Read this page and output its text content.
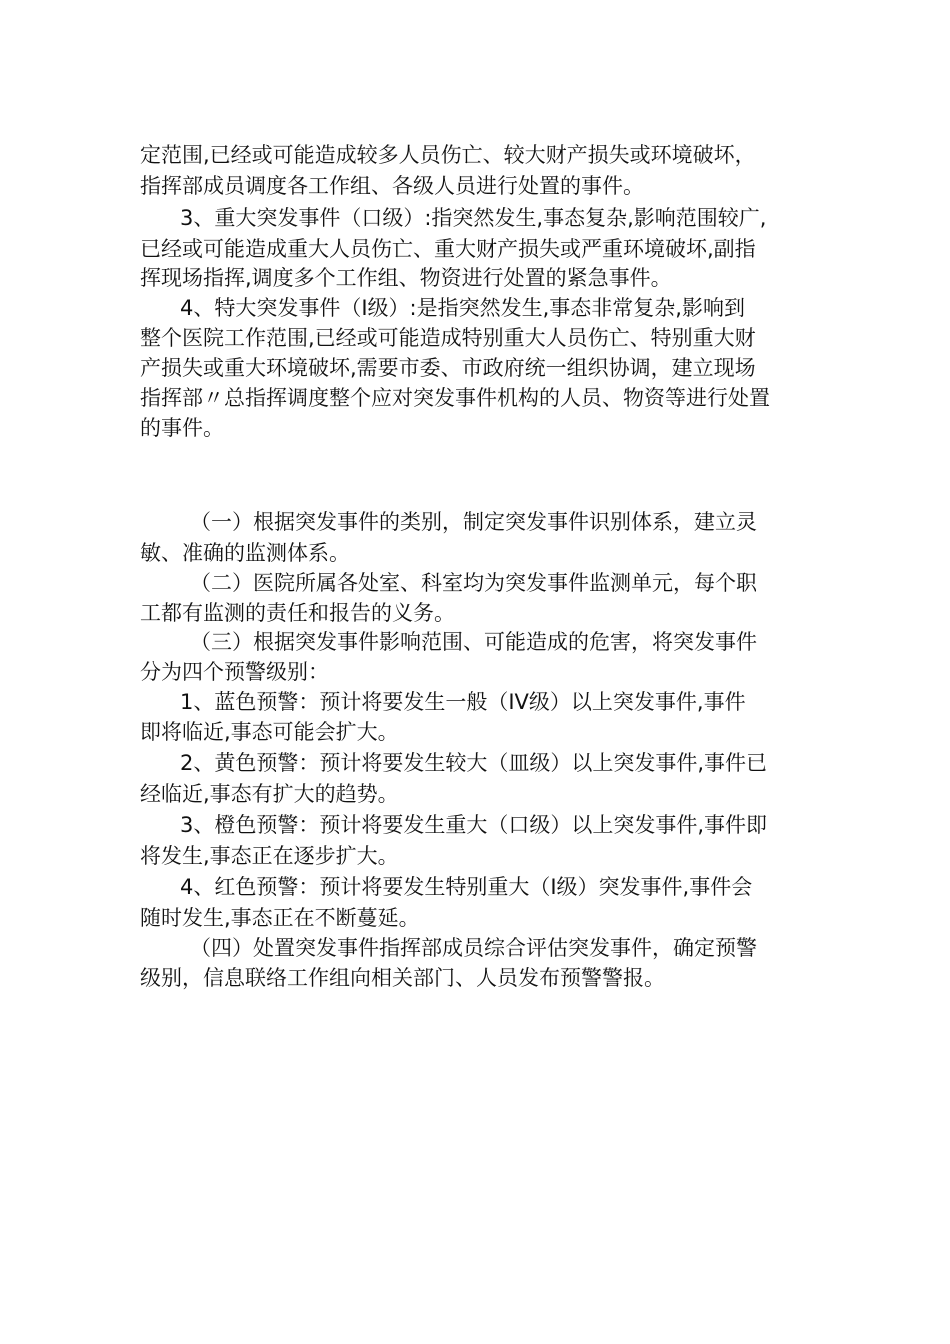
定范围,已经或可能造成较多人员伤亡、较大财产损失或环境破坏，
指挥部成员调度各工作组、各级人员进行处置的事件。
3、重大突发事件（口级）:指突然发生,事态复杂,影响范围较广,
已经或可能造成重大人员伤亡、重大财产损失或严重环境破坏,副指
挥现场指挥,调度多个工作组、物资进行处置的紧急事件。
4、特大突发事件（I级）:是指突然发生,事态非常复杂,影响到
整个医院工作范围,已经或可能造成特别重大人员伤亡、特别重大财
产损失或重大环境破坏,需要市委、市政府统一组织协调，建立现场
指挥部〃总指挥调度整个应对突发事件机构的人员、物资等进行处置
的事件。
（一）根据突发事件的类别，制定突发事件识别体系，建立灵
敏、准确的监测体系。
（二）医院所属各处室、科室均为突发事件监测单元，每个职
工都有监测的责任和报告的义务。
（三）根据突发事件影响范围、可能造成的危害，将突发事件
分为四个预警级别：
1、蓝色预警：预计将要发生一般（IV级）以上突发事件,事件
即将临近,事态可能会扩大。
2、黄色预警：预计将要发生较大（皿级）以上突发事件,事件已
经临近,事态有扩大的趋势。
3、橙色预警：预计将要发生重大（口级）以上突发事件,事件即
将发生,事态正在逐步扩大。
4、红色预警：预计将要发生特别重大（I级）突发事件,事件会
随时发生,事态正在不断蔓延。
（四）处置突发事件指挥部成员综合评估突发事件，确定预警
级别，信息联络工作组向相关部门、人员发布预警警报。
